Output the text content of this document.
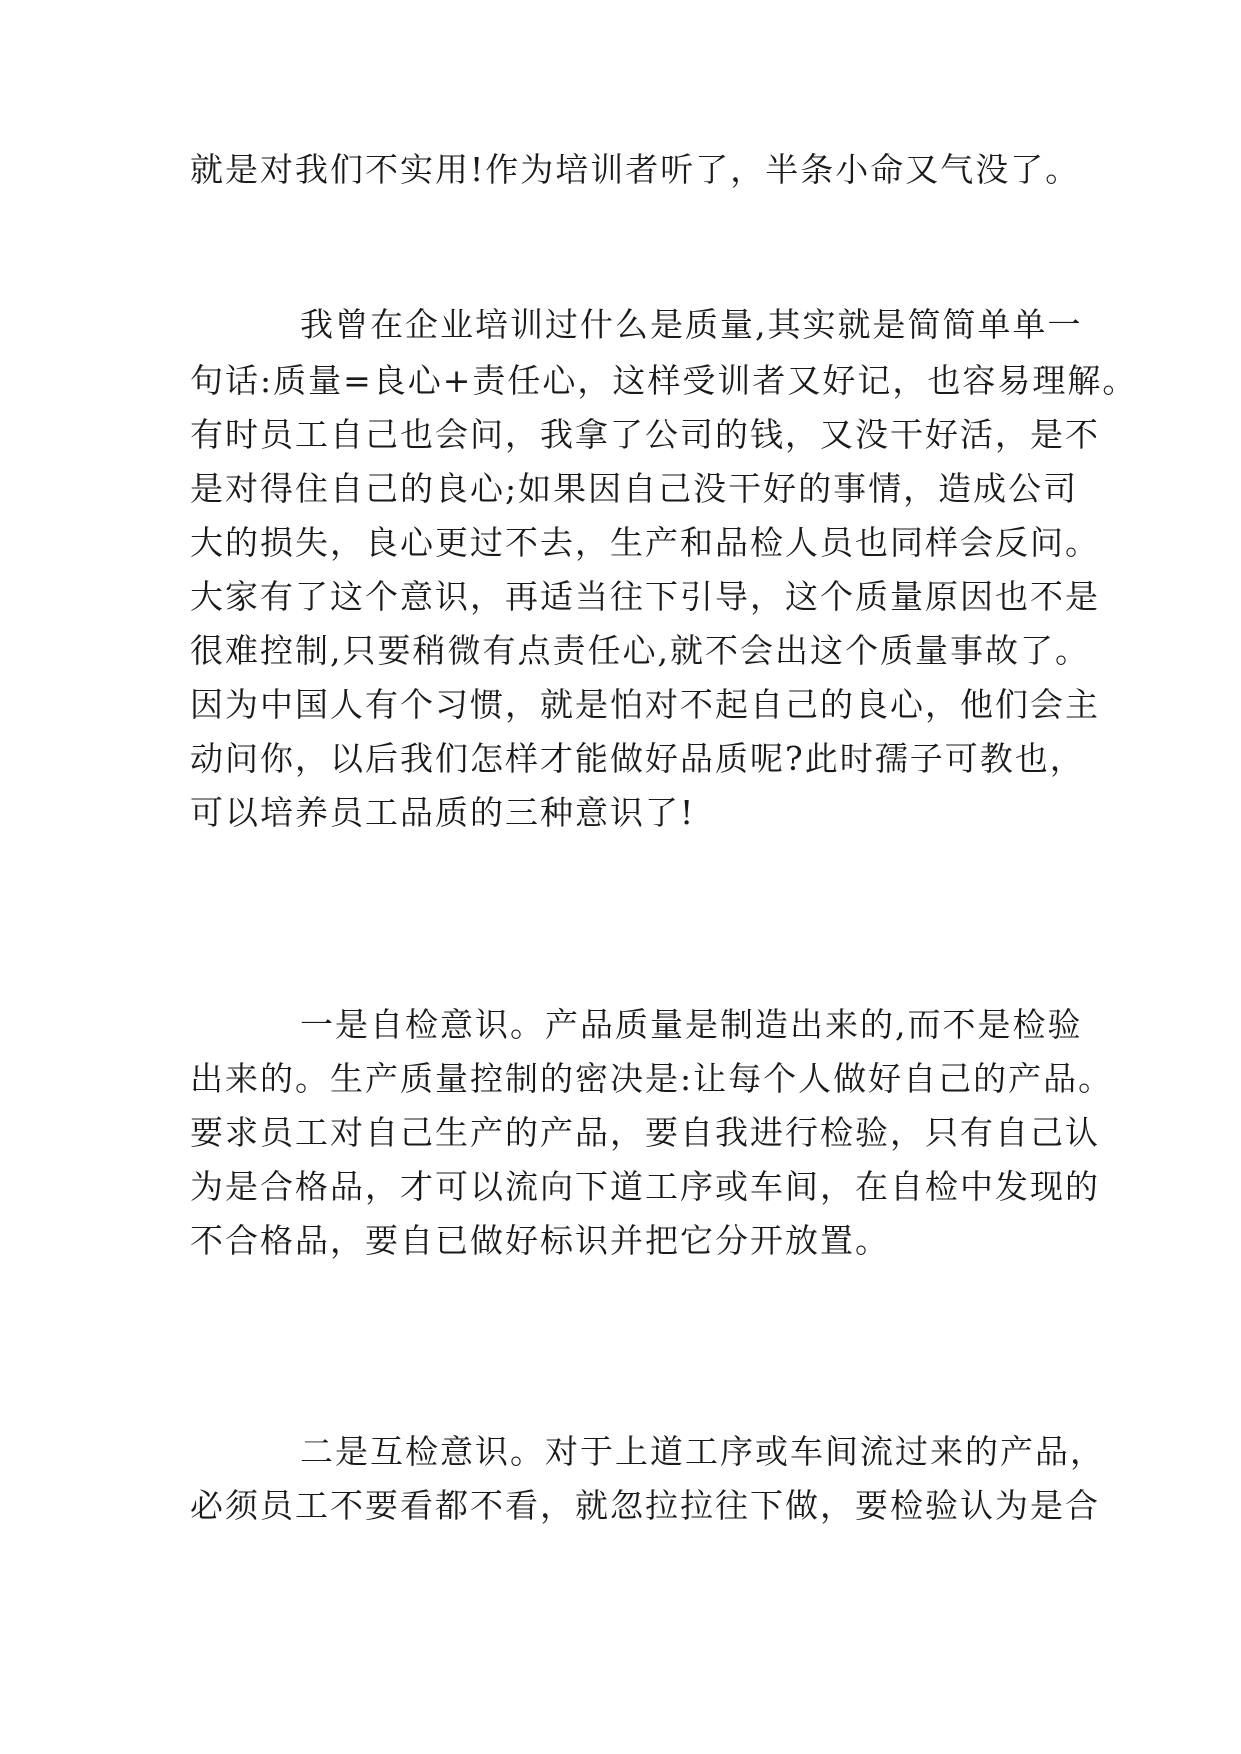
就是对我们不实用!作为培训者听了，半条小命又气没了。

我曾在企业培训过什么是质量,其实就是简简单单一

句话:质量=良心+责任心，这样受训者又好记，也容易理解。

有时员工自己也会问，我拿了公司的钱，又没干好活，是不

是对得住自己的良心;如果因自己没干好的事情，造成公司

大的损失，良心更过不去，生产和品检人员也同样会反问。

大家有了这个意识，再适当往下引导，这个质量原因也不是

很难控制,只要稍微有点责任心,就不会出这个质量事故了。

因为中国人有个习惯，就是怕对不起自己的良心，他们会主

动问你，以后我们怎样才能做好品质呢?此时孺子可教也，

可以培养员工品质的三种意识了!

一是自检意识。产品质量是制造出来的,而不是检验

出来的。生产质量控制的密决是:让每个人做好自己的产品。

要求员工对自己生产的产品，要自我进行检验，只有自己认

为是合格品，才可以流向下道工序或车间，在自检中发现的

不合格品，要自已做好标识并把它分开放置。

二是互检意识。对于上道工序或车间流过来的产品，

必须员工不要看都不看，就忽拉拉往下做，要检验认为是合
